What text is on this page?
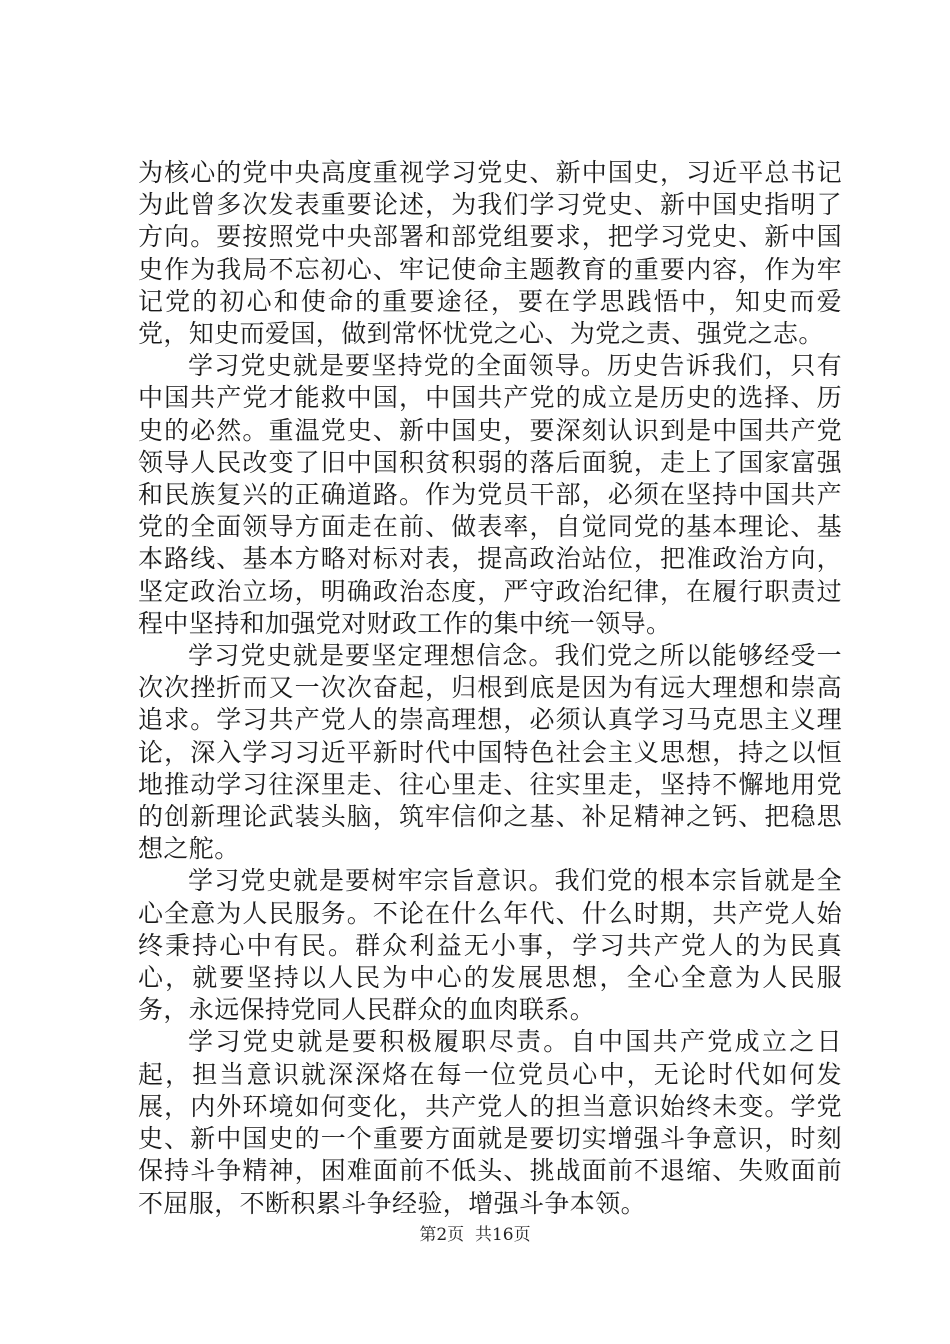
为核心的党中央高度重视学习党史、新中国史，习近平总书记为此曾多次发表重要论述，为我们学习党史、新中国史指明了方向。要按照党中央部署和部党组要求，把学习党史、新中国史作为我局不忘初心、牢记使命主题教育的重要内容，作为牢记党的初心和使命的重要途径，要在学思践悟中，知史而爱党，知史而爱国，做到常怀忧党之心、为党之责、强党之志。

学习党史就是要坚持党的全面领导。历史告诉我们，只有中国共产党才能救中国，中国共产党的成立是历史的选择、历史的必然。重温党史、新中国史，要深刻认识到是中国共产党领导人民改变了旧中国积贫积弱的落后面貌，走上了国家富强和民族复兴的正确道路。作为党员干部，必须在坚持中国共产党的全面领导方面走在前、做表率，自觉同党的基本理论、基本路线、基本方略对标对表，提高政治站位，把准政治方向，坚定政治立场，明确政治态度，严守政治纪律，在履行职责过程中坚持和加强党对财政工作的集中统一领导。

学习党史就是要坚定理想信念。我们党之所以能够经受一次次挫折而又一次次奋起，归根到底是因为有远大理想和崇高追求。学习共产党人的崇高理想，必须认真学习马克思主义理论，深入学习习近平新时代中国特色社会主义思想，持之以恒地推动学习往深里走、往心里走、往实里走，坚持不懈地用党的创新理论武装头脑，筑牢信仰之基、补足精神之钙、把稳思想之舵。

学习党史就是要树牢宗旨意识。我们党的根本宗旨就是全心全意为人民服务。不论在什么年代、什么时期，共产党人始终秉持心中有民。群众利益无小事，学习共产党人的为民真心，就要坚持以人民为中心的发展思想，全心全意为人民服务，永远保持党同人民群众的血肉联系。

学习党史就是要积极履职尽责。自中国共产党成立之日起，担当意识就深深烙在每一位党员心中，无论时代如何发展，内外环境如何变化，共产党人的担当意识始终未变。学党史、新中国史的一个重要方面就是要切实增强斗争意识，时刻保持斗争精神，困难面前不低头、挑战面前不退缩、失败面前不屈服，不断积累斗争经验，增强斗争本领。

第2页  共16页
